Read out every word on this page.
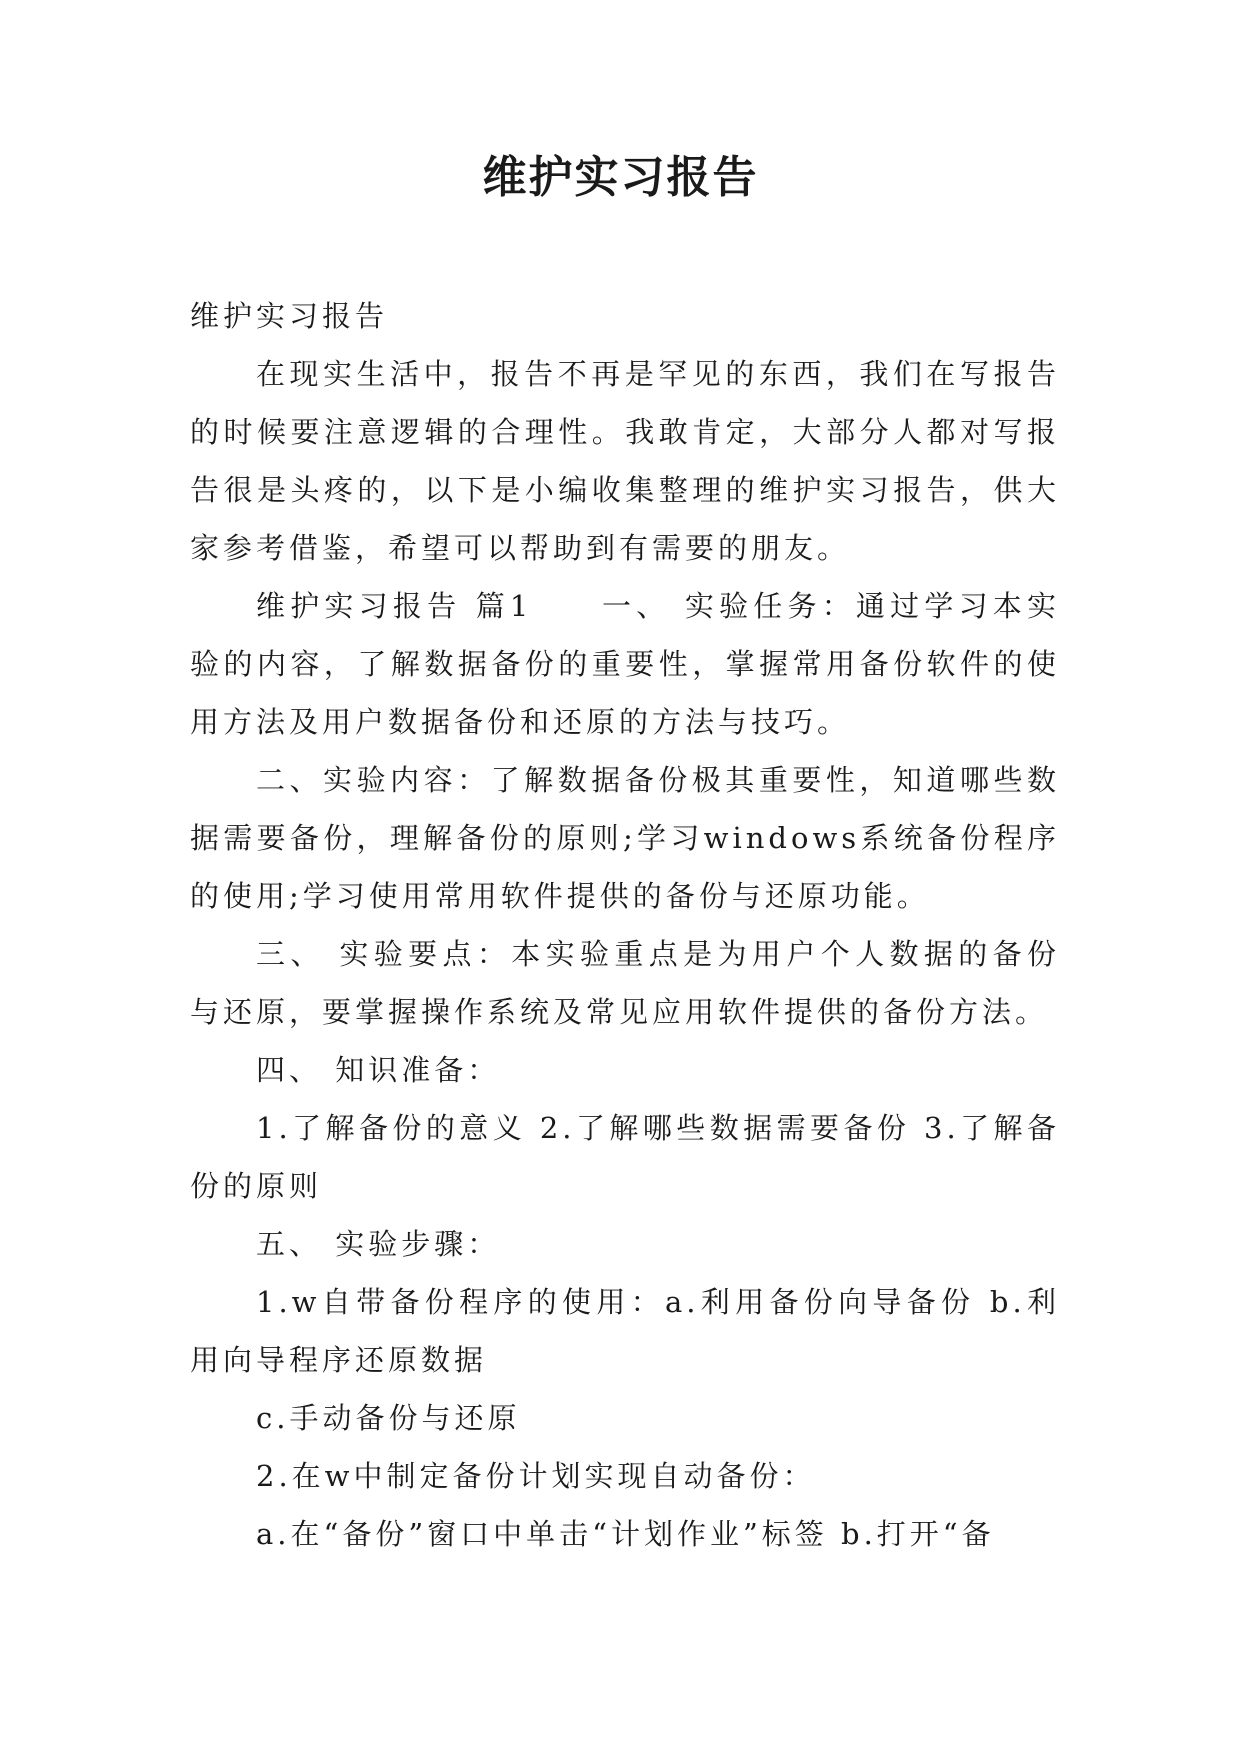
维护实习报告

维护实习报告

在现实生活中，报告不再是罕见的东西，我们在写报告的时候要注意逻辑的合理性。我敢肯定，大部分人都对写报告很是头疼的，以下是小编收集整理的维护实习报告，供大家参考借鉴，希望可以帮助到有需要的朋友。

维护实习报告 篇1　　一、 实验任务：通过学习本实验的内容，了解数据备份的重要性，掌握常用备份软件的使用方法及用户数据备份和还原的方法与技巧。

二、实验内容：了解数据备份极其重要性，知道哪些数据需要备份，理解备份的原则;学习windows系统备份程序的使用;学习使用常用软件提供的备份与还原功能。

三、 实验要点：本实验重点是为用户个人数据的备份与还原，要掌握操作系统及常见应用软件提供的备份方法。

四、 知识准备：

1.了解备份的意义 2.了解哪些数据需要备份 3.了解备份的原则

五、 实验步骤：

1.w自带备份程序的使用：a.利用备份向导备份 b.利用向导程序还原数据

c.手动备份与还原

2.在w中制定备份计划实现自动备份：

a.在“备份”窗口中单击“计划作业”标签 b.打开“备
